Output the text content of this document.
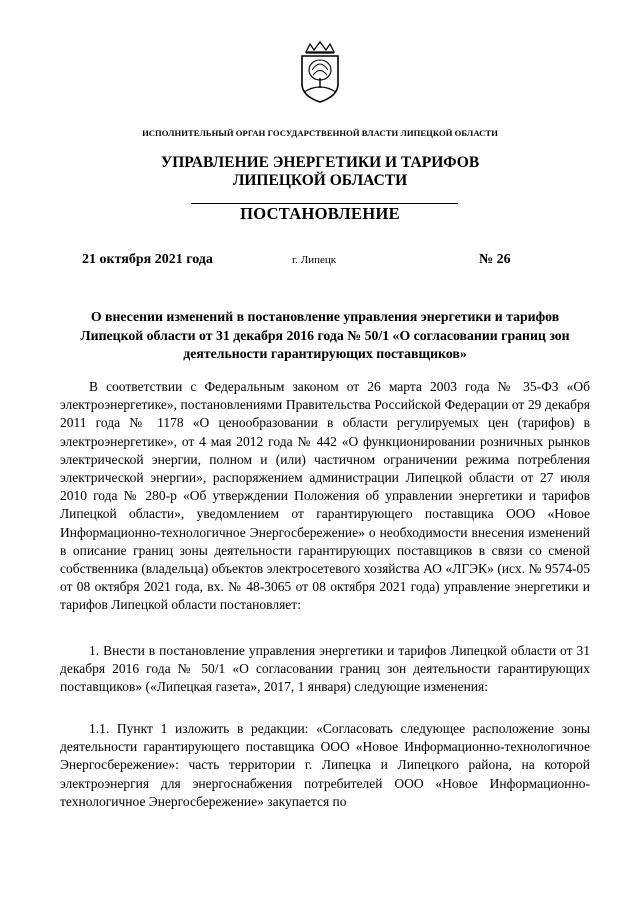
ИСПОЛНИТЕЛЬНЫЙ ОРГАН ГОСУДАРСТВЕННОЙ ВЛАСТИ ЛИПЕЦКОЙ ОБЛАСТИ
УПРАВЛЕНИЕ ЭНЕРГЕТИКИ И ТАРИФОВ
ЛИПЕЦКОЙ ОБЛАСТИ
ПОСТАНОВЛЕНИЕ
21 октября 2021 года	г. Липецк	№ 26
О внесении изменений в постановление управления энергетики и тарифов Липецкой области от 31 декабря 2016 года № 50/1 «О согласовании границ зон деятельности гарантирующих поставщиков»

В соответствии с Федеральным законом от 26 марта 2003 года № 35-ФЗ «Об электроэнергетике», постановлениями Правительства Российской Федерации от 29 декабря 2011 года № 1178 «О ценообразовании в области регулируемых цен (тарифов) в электроэнергетике», от 4 мая 2012 года № 442 «О функционировании розничных рынков электрической энергии, полном и (или) частичном ограничении режима потребления электрической энергии», распоряжением администрации Липецкой области от 27 июля 2010 года № 280-р «Об утверждении Положения об управлении энергетики и тарифов Липецкой области», уведомлением от гарантирующего поставщика ООО «Новое Информационно-технологичное Энергосбережение» о необходимости внесения изменений в описание границ зоны деятельности гарантирующих поставщиков в связи со сменой собственника (владельца) объектов электросетевого хозяйства АО «ЛГЭК» (исх. № 9574-05 от 08 октября 2021 года, вх. № 48-3065 от 08 октября 2021 года) управление энергетики и тарифов Липецкой области постановляет:

1. Внести в постановление управления энергетики и тарифов Липецкой области от 31 декабря 2016 года № 50/1 «О согласовании границ зон деятельности гарантирующих поставщиков» («Липецкая газета», 2017, 1 января) следующие изменения:

1.1. Пункт 1 изложить в редакции: «Согласовать следующее расположение зоны деятельности гарантирующего поставщика ООО «Новое Информационно-технологичное Энергосбережение»: часть территории г. Липецка и Липецкого района, на которой электроэнергия для энергоснабжения потребителей ООО «Новое Информационно-технологичное Энергосбережение» закупается по
